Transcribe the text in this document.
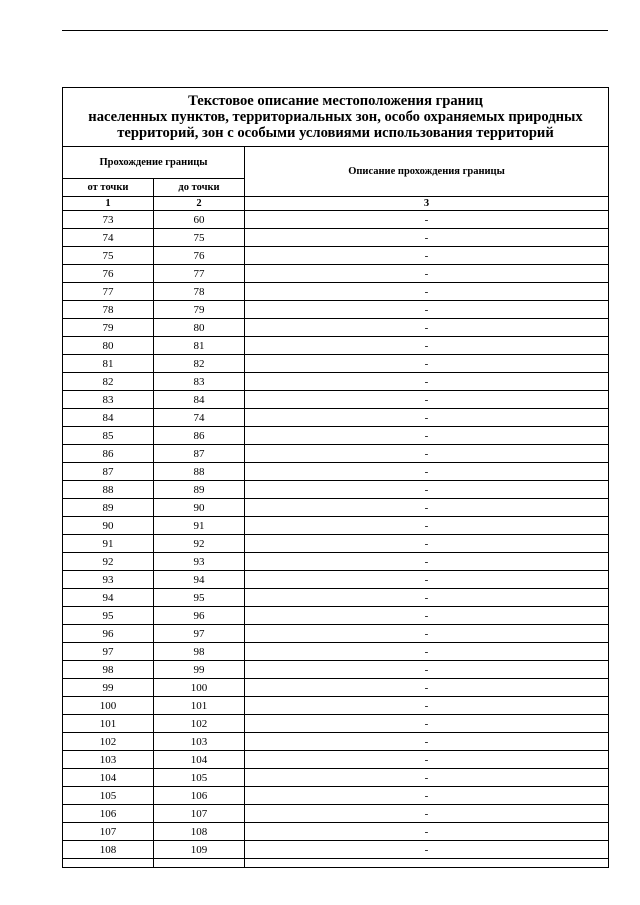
Текстовое описание местоположения границ
населенных пунктов, территориальных зон, особо охраняемых природных
территорий, зон с особыми условиями использования территорий		

Прохождение границы		Описание прохождения границы
от точки	до точки	
1	2	3
73	60	-
74	75	-
75	76	-
76	77	-
77	78	-
78	79	-
79	80	-
80	81	-
81	82	-
82	83	-
83	84	-
84	74	-
85	86	-
86	87	-
87	88	-
88	89	-
89	90	-
90	91	-
91	92	-
92	93	-
93	94	-
94	95	-
95	96	-
96	97	-
97	98	-
98	99	-
99	100	-
100	101	-
101	102	-
102	103	-
103	104	-
104	105	-
105	106	-
106	107	-
107	108	-
108	109	-
